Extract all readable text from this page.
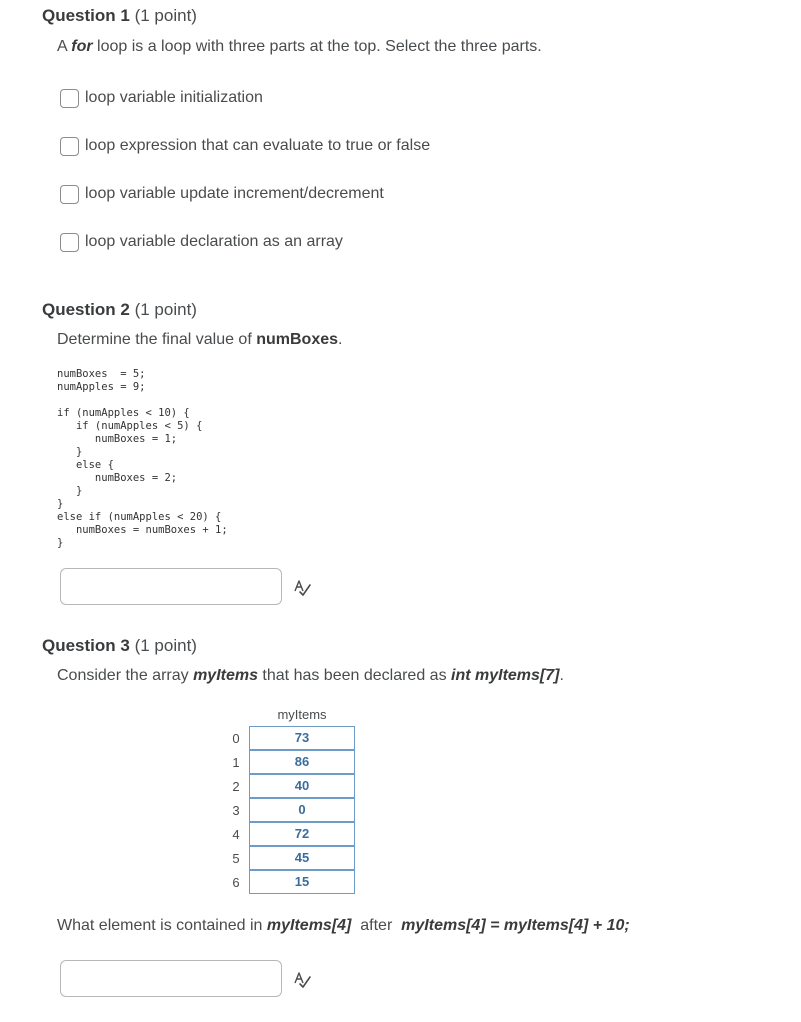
Question 1 (1 point)
A for loop is a loop with three parts at the top. Select the three parts.
loop variable initialization
loop expression that can evaluate to true or false
loop variable update increment/decrement
loop variable declaration as an array
Question 2 (1 point)
Determine the final value of numBoxes.
numBoxes  = 5;
numApples = 9;

if (numApples < 10) {
if (numApples < 5) {
numBoxes = 1;
}
else {
numBoxes = 2;
}
}
else if (numApples < 20) {
numBoxes = numBoxes + 1;
}
Question 3 (1 point)
Consider the array myItems that has been declared as int myItems[7].
myItems
0
1
2
3
4
5
6
73
86
40
0
72
45
15
What element is contained in myItems[4]  after  myItems[4] = myItems[4] + 10;
